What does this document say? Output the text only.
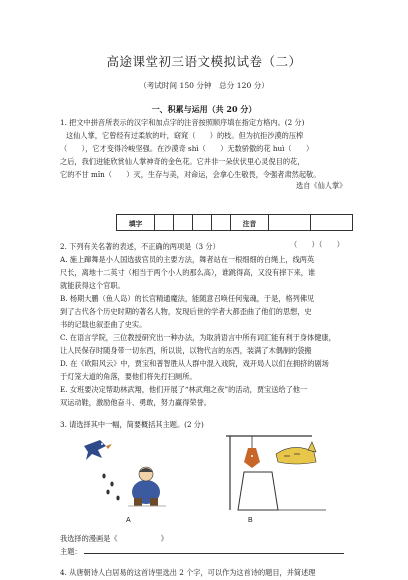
高途课堂初三语文模拟试卷（二）
（考试时间 150 分钟　总分 120 分）
一、积累与运用（共 20 分）
1. 把文中拼音所表示的汉字和加点字的注音按照顺序填在指定方格内。(2 分)
这仙人掌，它曾经有过柔软的叶，窈窕（　　）的枝。但为抗拒沙漠的压榨
（　　），它才变得冷峻坚强。在沙漠奇 shì（　　）无数骄傲的花 huì（　　）
之后，我们迸能欣赏仙人掌神奇的金色花。它并非一朵伏伏里心灵倪目的花，
它的不甘 mǐn（　　）灭，生存与美，对命运，会拿心生敬畏，令强者肃然起敬。
选自《仙人掌》
填字					注音		
2. 下列有关名著的表述，不正确的两项是（3 分）	（　　）（　　）
A. 施上蹿舞是小人国选拔官员的主要方法，舞者站在一根细细的白绳上，线两英
尺长，离地十二英寸（相当于两个小人的那么高），谁跳得高，又没有摔下来，谁
就能获得这个官职。
B. 杨期大鹏（鱼人岛）的长官精通魔法，能随意召唤任何鬼魂，于是，格列佛见
到了古代各个历史时期的著名人物，发现后世的学者大都歪曲了他们的思想，史
书的记载也叙歪曲了史实。
C. 在语言学院，三位教授研究出一种办法，为取消语言中所有词汇能有利于身体健康，
让人民保存时随身带一切东西，所以说，以物代言的东西，装满了木偶制的袋搬
D. 在《欧阳风云》中，贾宝和普智胜从人群中混入戏院，戏开局人以们在拥挤的剧场
于灯笼大道的角落，要他们将先打扫厕所。
E. 女班要决定帮助林武翔，他们开展了“林武翔之夜”的活动，贾宝送给了他一
双运动鞋，激励他奋斗、勇敢，努力赢得荣誉。
3. 请选择其中一幅，简要概括其主题。(2 分)
A	B
我选择的漫画是《　　　　　　》
主题：
4. 从唐朝诗人白居易的这首诗里选出 2 个字，可以作为这首诗的题目，并简述理
